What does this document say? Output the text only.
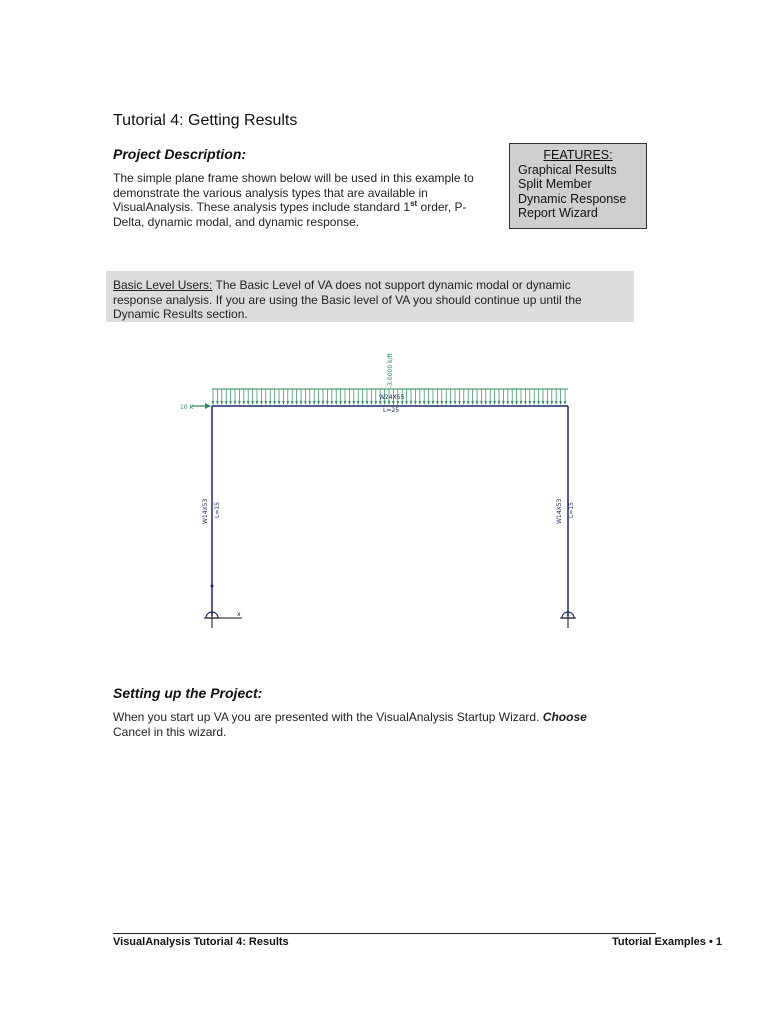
Tutorial 4: Getting Results
Project Description:
The simple plane frame shown below will be used in this example to
demonstrate the various analysis types that are available in
VisualAnalysis. These analysis types include standard 1st order, P-
Delta, dynamic modal, and dynamic response.
FEATURES:
Graphical Results
Split Member
Dynamic Response
Report Wizard
Basic Level Users: The Basic Level of VA does not support dynamic modal or dynamic
response analysis. If you are using the Basic level of VA you should continue up until the
Dynamic Results section.
10 K
-3.0000 k/ft
W24X55
L=25
W14X53 L=15	W14X53 L=15
x
Setting up the Project:
When you start up VA you are presented with the VisualAnalysis Startup Wizard. Choose
Cancel in this wizard.
VisualAnalysis Tutorial 4: Results	Tutorial Examples • 1
